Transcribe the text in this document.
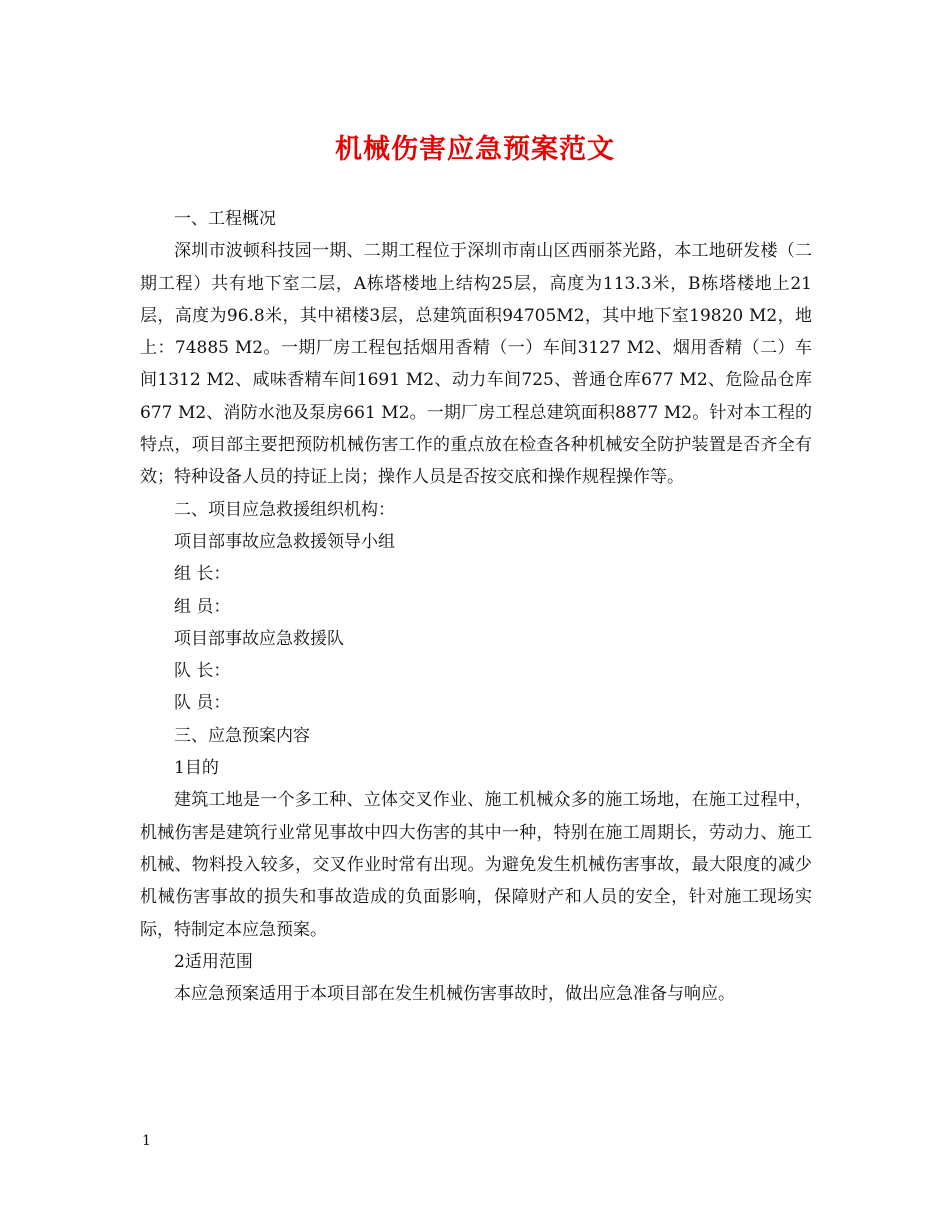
机械伤害应急预案范文

一、工程概况

深圳市波顿科技园一期、二期工程位于深圳市南山区西丽茶光路，本工地研发楼（二期工程）共有地下室二层，A栋塔楼地上结构25层，高度为113.3米，B栋塔楼地上21层，高度为96.8米，其中裙楼3层，总建筑面积94705M2，其中地下室19820 M2，地上：74885 M2。一期厂房工程包括烟用香精（一）车间3127 M2、烟用香精（二）车间1312 M2、咸味香精车间1691 M2、动力车间725、普通仓库677 M2、危险品仓库677 M2、消防水池及泵房661 M2。一期厂房工程总建筑面积8877 M2。针对本工程的特点，项目部主要把预防机械伤害工作的重点放在检查各种机械安全防护装置是否齐全有效；特种设备人员的持证上岗；操作人员是否按交底和操作规程操作等。

二、项目应急救援组织机构：

项目部事故应急救援领导小组

组 长：

组 员：

项目部事故应急救援队

队 长：

队 员：

三、应急预案内容

1目的

建筑工地是一个多工种、立体交叉作业、施工机械众多的施工场地，在施工过程中，机械伤害是建筑行业常见事故中四大伤害的其中一种，特别在施工周期长，劳动力、施工机械、物料投入较多，交叉作业时常有出现。为避免发生机械伤害事故，最大限度的减少机械伤害事故的损失和事故造成的负面影响，保障财产和人员的安全，针对施工现场实际，特制定本应急预案。

2适用范围

本应急预案适用于本项目部在发生机械伤害事故时，做出应急准备与响应。

1
